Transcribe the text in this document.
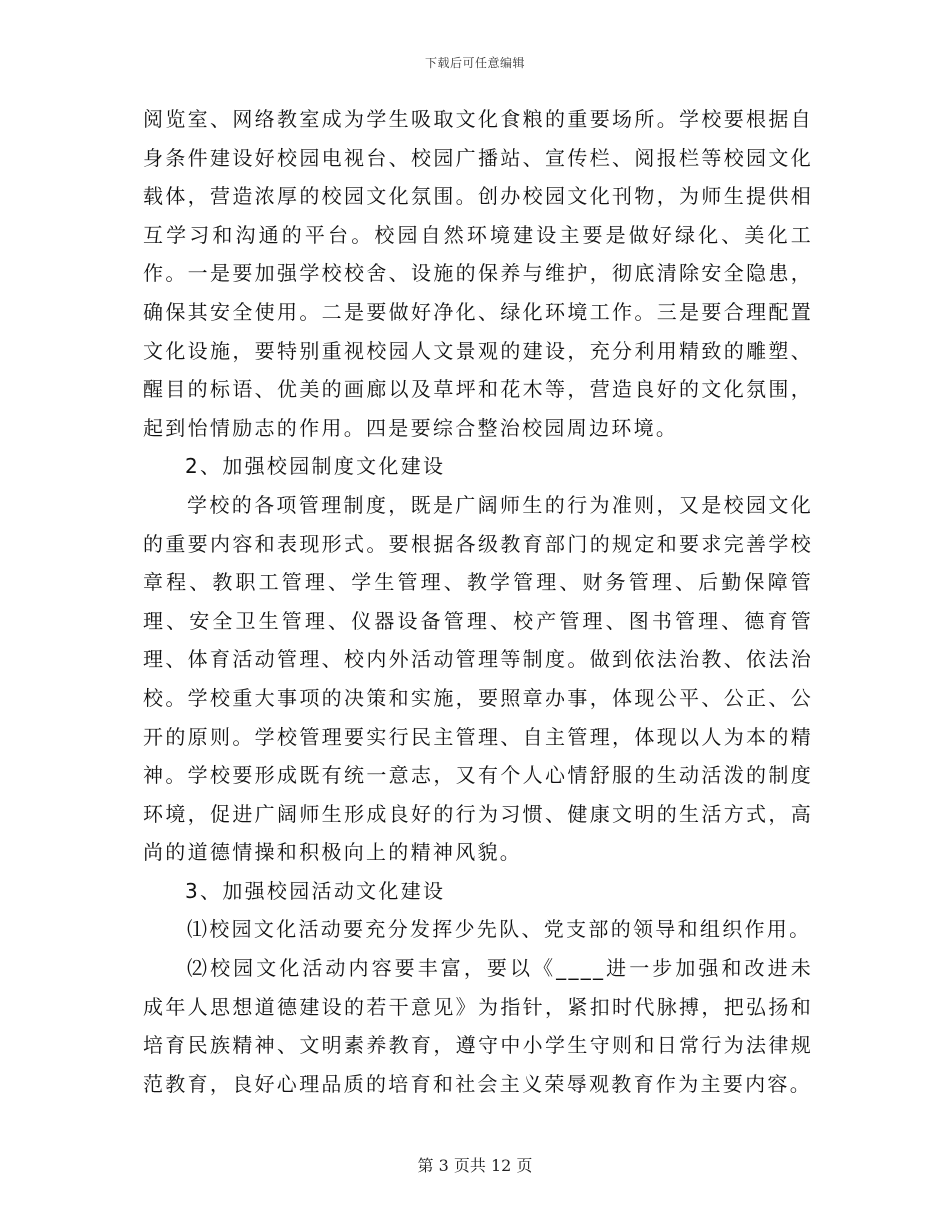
下载后可任意编辑

阅览室、网络教室成为学生吸取文化食粮的重要场所。学校要根据自身条件建设好校园电视台、校园广播站、宣传栏、阅报栏等校园文化载体，营造浓厚的校园文化氛围。创办校园文化刊物，为师生提供相互学习和沟通的平台。校园自然环境建设主要是做好绿化、美化工作。一是要加强学校校舍、设施的保养与维护，彻底清除安全隐患，确保其安全使用。二是要做好净化、绿化环境工作。三是要合理配置文化设施，要特别重视校园人文景观的建设，充分利用精致的雕塑、醒目的标语、优美的画廊以及草坪和花木等，营造良好的文化氛围，起到怡情励志的作用。四是要综合整治校园周边环境。

2、加强校园制度文化建设

学校的各项管理制度，既是广阔师生的行为准则，又是校园文化的重要内容和表现形式。要根据各级教育部门的规定和要求完善学校章程、教职工管理、学生管理、教学管理、财务管理、后勤保障管理、安全卫生管理、仪器设备管理、校产管理、图书管理、德育管理、体育活动管理、校内外活动管理等制度。做到依法治教、依法治校。学校重大事项的决策和实施，要照章办事，体现公平、公正、公开的原则。学校管理要实行民主管理、自主管理，体现以人为本的精神。学校要形成既有统一意志，又有个人心情舒服的生动活泼的制度环境，促进广阔师生形成良好的行为习惯、健康文明的生活方式，高尚的道德情操和积极向上的精神风貌。

3、加强校园活动文化建设

⑴校园文化活动要充分发挥少先队、党支部的领导和组织作用。

⑵校园文化活动内容要丰富，要以《____进一步加强和改进未成年人思想道德建设的若干意见》为指针，紧扣时代脉搏，把弘扬和培育民族精神、文明素养教育，遵守中小学生守则和日常行为法律规范教育，良好心理品质的培育和社会主义荣辱观教育作为主要内容。

第 3 页共 12 页
